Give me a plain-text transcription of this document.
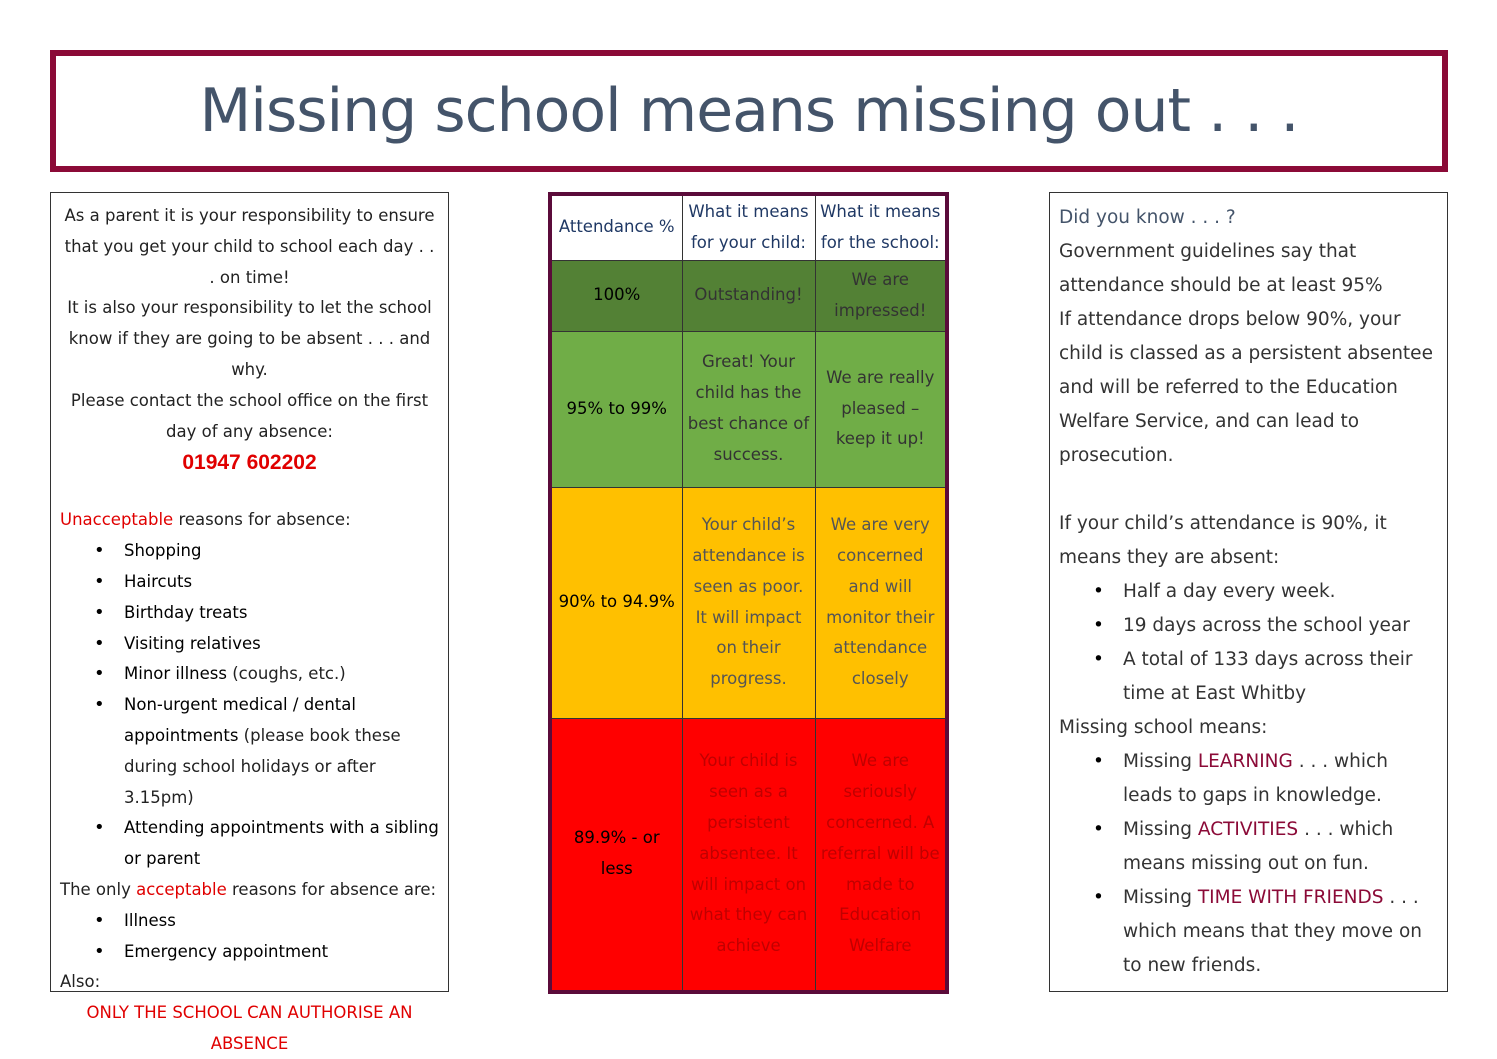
Missing school means missing out . . .

As a parent it is your responsibility to ensure that you get your child to school each day . . . on time!

It is also your responsibility to let the school know if they are going to be absent . . . and why.

Please contact the school office on the first day of any absence:

01947 602202

Unacceptable reasons for absence:

• Shopping
• Haircuts
• Birthday treats
• Visiting relatives
• Minor illness (coughs, etc.)
• Non-urgent medical / dental appointments (please book these during school holidays or after 3.15pm)
• Attending appointments with a sibling or parent

The only acceptable reasons for absence are:

• Illness
• Emergency appointment

Also:

ONLY THE SCHOOL CAN AUTHORISE AN ABSENCE

Attendance %	What it means for your child:	What it means for the school:
100%	Outstanding!	We are impressed!
95% to 99%	Great! Your child has the best chance of success.	We are really pleased – keep it up!
90% to 94.9%	Your child’s attendance is seen as poor. It will impact on their progress.	We are very concerned and will monitor their attendance closely
89.9% - or less	Your child is seen as a persistent absentee. It will impact on what they can achieve	We are seriously concerned. A referral will be made to Education Welfare

Did you know . . . ?

Government guidelines say that attendance should be at least 95%

If attendance drops below 90%, your child is classed as a persistent absentee and will be referred to the Education Welfare Service, and can lead to prosecution.

If your child’s attendance is 90%, it means they are absent:

• Half a day every week.
• 19 days across the school year
• A total of 133 days across their time at East Whitby

Missing school means:

• Missing LEARNING . . . which leads to gaps in knowledge.
• Missing ACTIVITIES . . . which means missing out on fun.
• Missing TIME WITH FRIENDS . . . which means that they move on to new friends.
